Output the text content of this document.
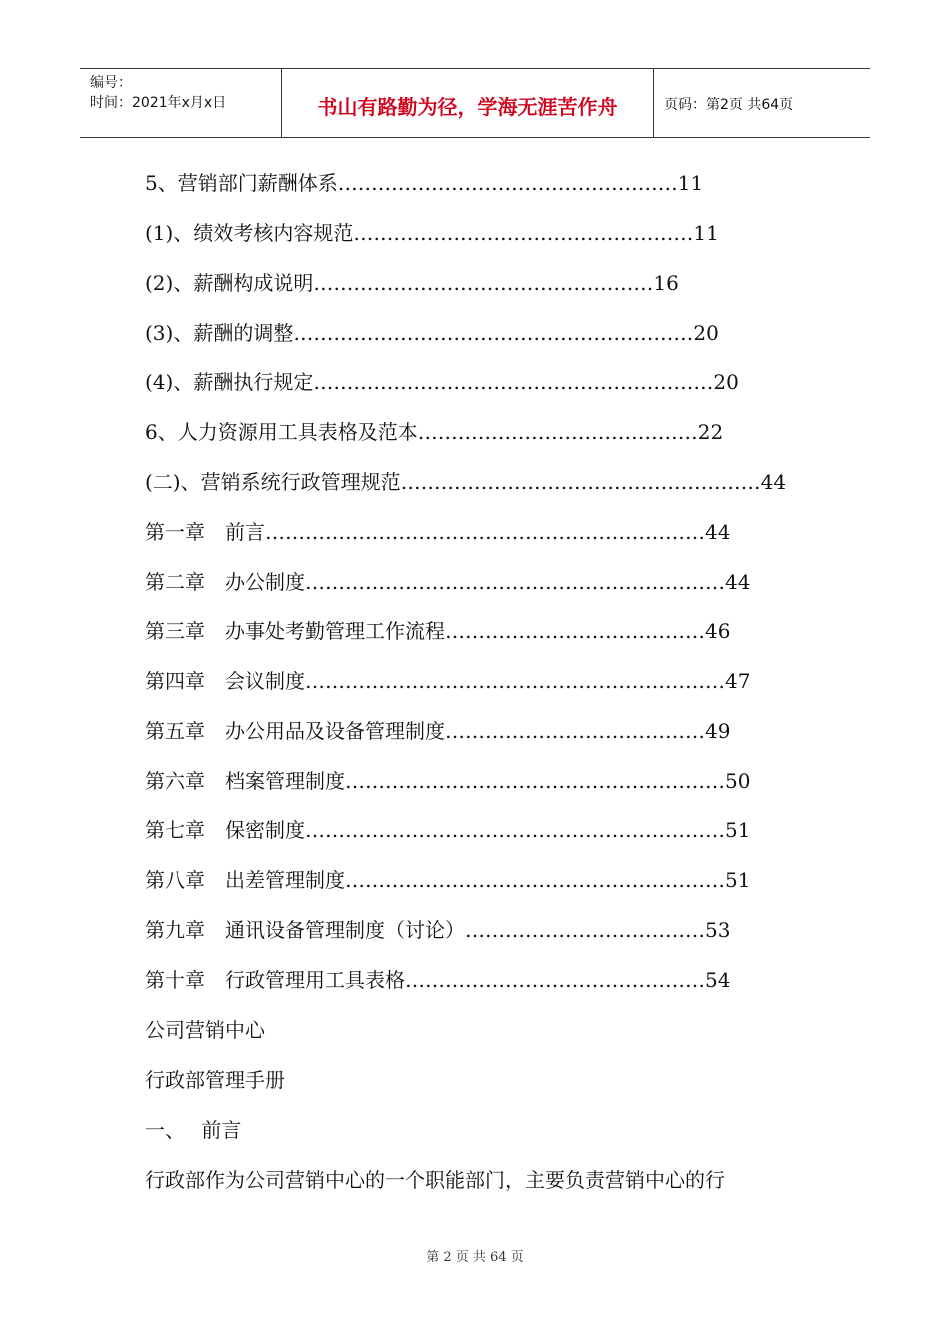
编号：
时间：2021年x月x日	书山有路勤为径，学海无涯苦作舟	页码：第2页 共64页
5、营销部门薪酬体系 …………………………………………… 11
(1)、绩效考核内容规范 …………………………………………… 11
(2)、薪酬构成说明 …………………………………………… 16
(3)、薪酬的调整 …………………………………………………… 20
(4)、薪酬执行规定 …………………………………………………… 20
6、人力资源用工具表格及范本 …………………………………… 22
(二)、营销系统行政管理规范 ……………………………………………… 44
第一章　前言 ………………………………………………………… 44
第二章　办公制度 ……………………………………………………… 44
第三章　办事处考勤管理工作流程 ………………………………… 46
第四章　会议制度 ……………………………………………………… 47
第五章　办公用品及设备管理制度 ………………………………… 49
第六章　档案管理制度 ………………………………………………… 50
第七章　保密制度 ……………………………………………………… 51
第八章　出差管理制度 ………………………………………………… 51
第九章　通讯设备管理制度（讨论） ……………………………… 53
第十章　行政管理用工具表格 ……………………………………… 54
公司营销中心
行政部管理手册
一、　 前言
行政部作为公司营销中心的一个职能部门，主要负责营销中心的行
第 2 页 共 64 页
